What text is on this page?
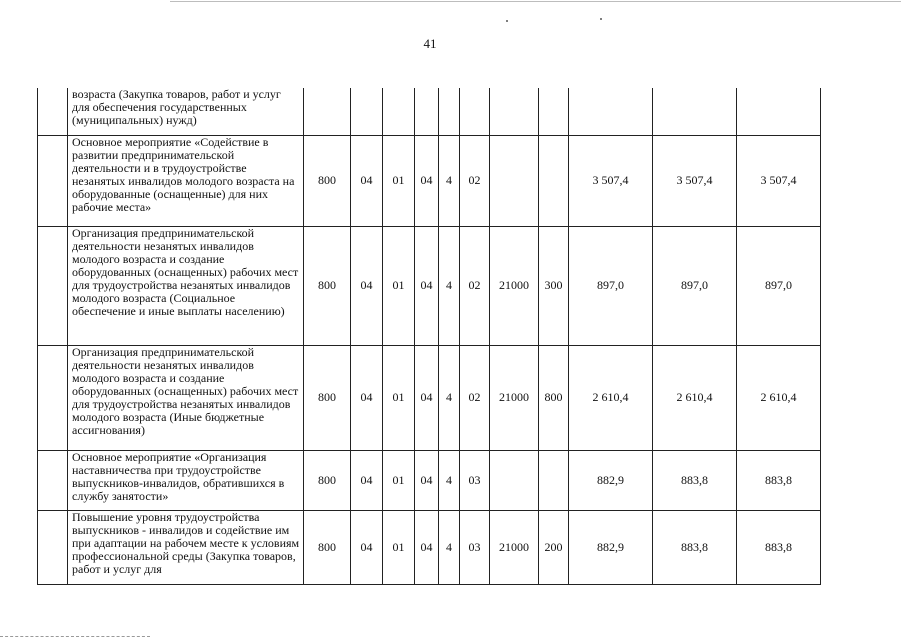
41
	возраста (Закупка товаров, работ и услуг для обеспечения государственных (муниципальных) нужд)											
	Основное мероприятие «Содействие в развитии предпринимательской деятельности и в трудоустройстве незанятых инвалидов молодого возраста на оборудованные (оснащенные) для них рабочие места»	800	04	01	04	4	02			3 507,4	3 507,4	3 507,4
	Организация предпринимательской деятельности незанятых инвалидов молодого возраста и создание оборудованных (оснащенных) рабочих мест для трудоустройства незанятых инвалидов молодого возраста (Социальное обеспечение и иные выплаты населению)	800	04	01	04	4	02	21000	300	897,0	897,0	897,0
	Организация предпринимательской деятельности незанятых инвалидов молодого возраста и создание оборудованных (оснащенных) рабочих мест для трудоустройства незанятых инвалидов молодого возраста (Иные бюджетные ассигнования)	800	04	01	04	4	02	21000	800	2 610,4	2 610,4	2 610,4
	Основное мероприятие «Организация наставничества при трудоустройстве выпускников-инвалидов, обратившихся в службу занятости»	800	04	01	04	4	03			882,9	883,8	883,8
	Повышение уровня трудоустройства выпускников - инвалидов и содействие им при адаптации на рабочем месте к условиям профессиональной среды (Закупка товаров, работ и услуг для	800	04	01	04	4	03	21000	200	882,9	883,8	883,8
